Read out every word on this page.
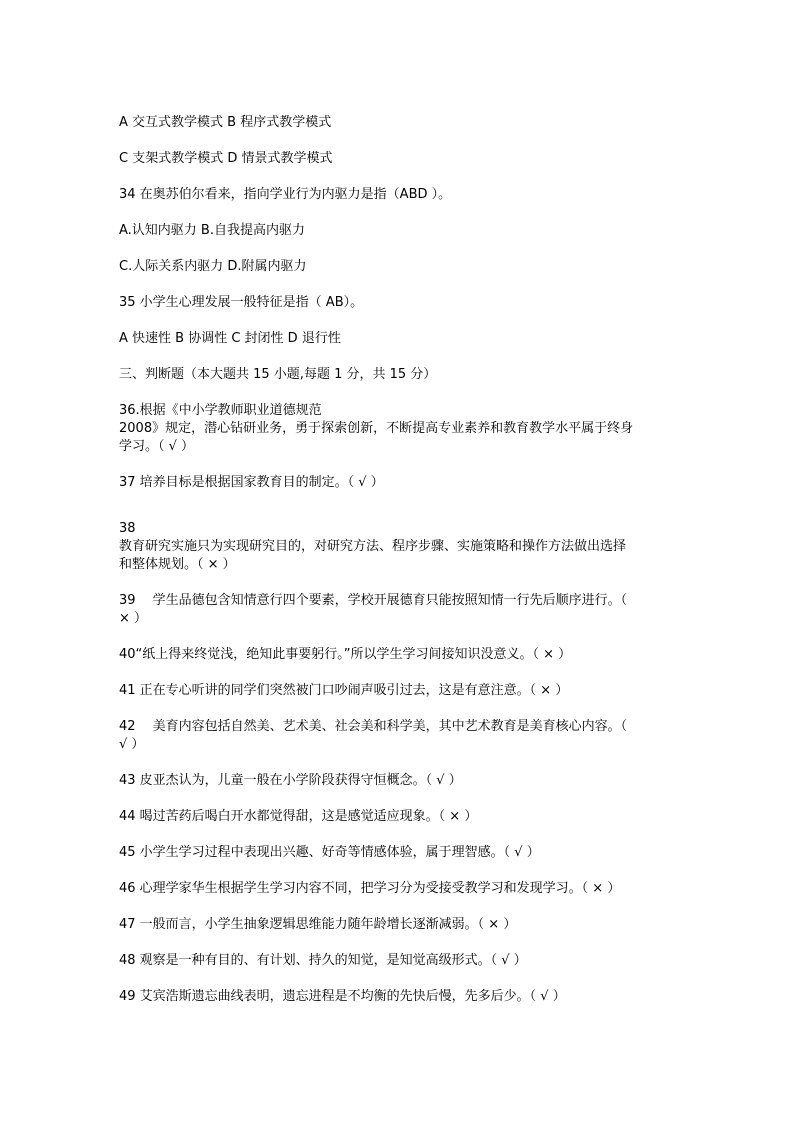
A 交互式教学模式 B 程序式教学模式

C 支架式教学模式 D 情景式教学模式

34 在奥苏伯尔看来，指向学业行为内驱力是指（ABD ）。

A.认知内驱力 B.自我提高内驱力

C.人际关系内驱力 D.附属内驱力

35 小学生心理发展一般特征是指（ AB）。

A 快速性 B 协调性 C 封闭性 D 退行性

三、判断题（本大题共 15 小题,每题 1 分，共 15 分）

36.根据《中小学教师职业道德规范
2008》规定，潜心钻研业务，勇于探索创新，不断提高专业素养和教育教学水平属于终身
学习。（ √ ）

37 培养目标是根据国家教育目的制定。（ √ ）

38
教育研究实施只为实现研究目的，对研究方法、程序步骤、实施策略和操作方法做出选择
和整体规划。（ × ）

39　 学生品德包含知情意行四个要素，学校开展德育只能按照知情一行先后顺序进行。（
× ）

40“纸上得来终觉浅，绝知此事要躬行。”所以学生学习间接知识没意义。（ × ）

41 正在专心听讲的同学们突然被门口吵闹声吸引过去，这是有意注意。（ × ）

42　 美育内容包括自然美、艺术美、社会美和科学美，其中艺术教育是美育核心内容。（
√ ）

43 皮亚杰认为，儿童一般在小学阶段获得守恒概念。（ √ ）

44 喝过苦药后喝白开水都觉得甜，这是感觉适应现象。（ × ）

45 小学生学习过程中表现出兴趣、好奇等情感体验，属于理智感。（ √ ）

46 心理学家华生根据学生学习内容不同，把学习分为受接受教学习和发现学习。（ × ）

47 一般而言，小学生抽象逻辑思维能力随年龄增长逐渐减弱。（ × ）

48 观察是一种有目的、有计划、持久的知觉，是知觉高级形式。（ √ ）

49 艾宾浩斯遗忘曲线表明，遗忘进程是不均衡的先快后慢，先多后少。（ √ ）
